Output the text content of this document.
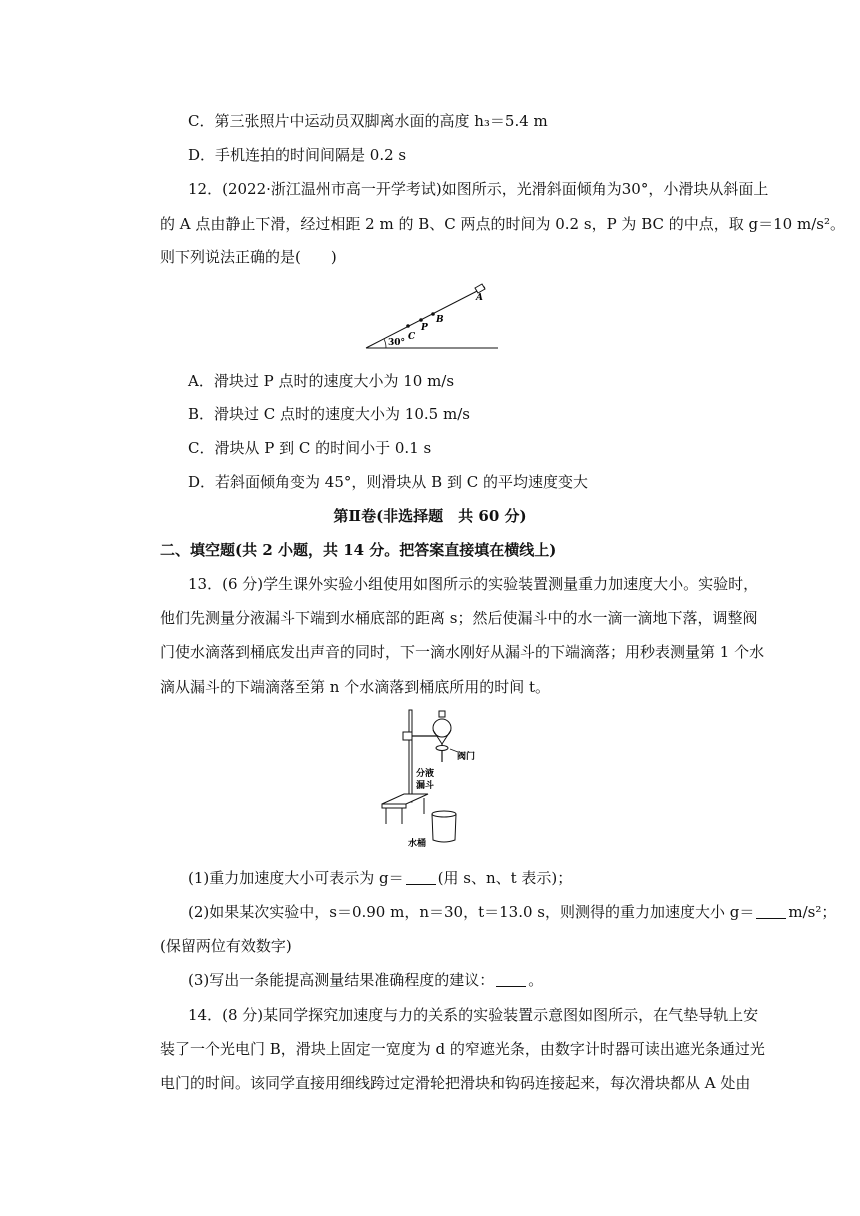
C．第三张照片中运动员双脚离水面的高度 h₃＝5.4 m
D．手机连拍的时间间隔是 0.2 s
12．(2022·浙江温州市高一开学考试)如图所示，光滑斜面倾角为30°，小滑块从斜面上
的 A 点由静止下滑，经过相距 2 m 的 B、C 两点的时间为 0.2 s，P 为 BC 的中点，取 g＝10 m/s²。
则下列说法正确的是(　　)
30°
C
P
B
A
A．滑块过 P 点时的速度大小为 10 m/s
B．滑块过 C 点时的速度大小为 10.5 m/s
C．滑块从 P 到 C 的时间小于 0.1 s
D．若斜面倾角变为 45°，则滑块从 B 到 C 的平均速度变大
第Ⅱ卷(非选择题　共 60 分)
二、填空题(共 2 小题，共 14 分。把答案直接填在横线上)
13．(6 分)学生课外实验小组使用如图所示的实验装置测量重力加速度大小。实验时，
他们先测量分液漏斗下端到水桶底部的距离 s；然后使漏斗中的水一滴一滴地下落，调整阀
门使水滴落到桶底发出声音的同时，下一滴水刚好从漏斗的下端滴落；用秒表测量第 1 个水
滴从漏斗的下端滴落至第 n 个水滴落到桶底所用的时间 t。
阀门
分液
漏斗
水桶
(1)重力加速度大小可表示为 g＝ (用 s、n、t 表示)；
(2)如果某次实验中，s＝0.90 m，n＝30，t＝13.0 s，则测得的重力加速度大小 g＝ m/s²；
(保留两位有效数字)
(3)写出一条能提高测量结果准确程度的建议： 。
14．(8 分)某同学探究加速度与力的关系的实验装置示意图如图所示，在气垫导轨上安
装了一个光电门 B，滑块上固定一宽度为 d 的窄遮光条，由数字计时器可读出遮光条通过光
电门的时间。该同学直接用细线跨过定滑轮把滑块和钩码连接起来，每次滑块都从 A 处由
